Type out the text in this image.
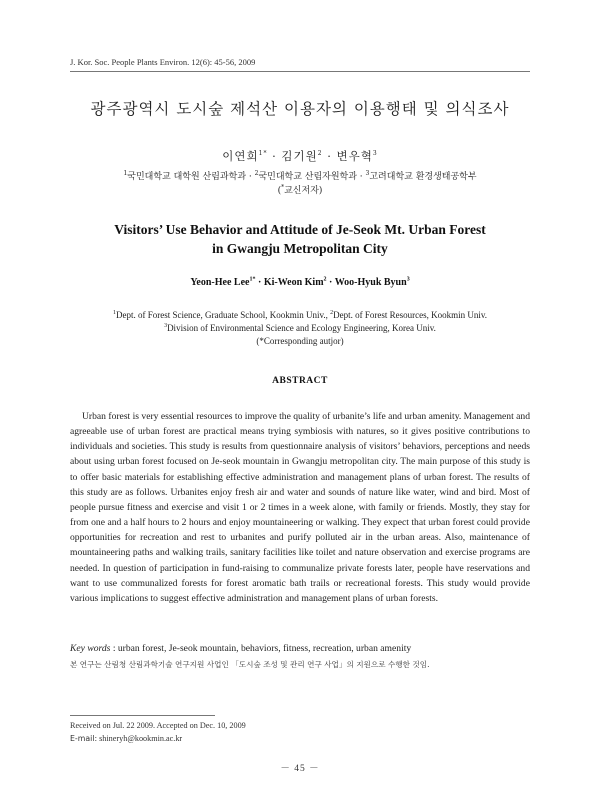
J. Kor. Soc. People Plants Environ. 12(6): 45-56, 2009
광주광역시 도시숲 제석산 이용자의 이용행태 및 의식조사
이연희$^{1*}$ · 김기원$^2$ · 변우혁$^3$
$^1$국민대학교 대학원 산림과학과 · $^2$국민대학교 산림자원학과 · $^3$고려대학교 환경생태공학부
(*교신저자)
Visitors’ Use Behavior and Attitude of Je-Seok Mt. Urban Forest
in Gwangju Metropolitan City
Yeon-Hee Lee$^{1*}$ · Ki-Weon Kim$^2$ · Woo-Hyuk Byun$^3$
$^1$Dept. of Forest Science, Graduate School, Kookmin Univ., $^2$Dept. of Forest Resources, Kookmin Univ.
$^3$Division of Environmental Science and Ecology Engineering, Korea Univ.
(*Corresponding autjor)
ABSTRACT
Urban forest is very essential resources to improve the quality of urbanite’s life and urban amenity. Management and agreeable use of urban forest are practical means trying symbiosis with natures, so it gives positive contributions to individuals and societies. This study is results from questionnaire analysis of visitors’ behaviors, perceptions and needs about using urban forest focused on Je-seok mountain in Gwangju metropolitan city. The main purpose of this study is to offer basic materials for establishing effective administration and management plans of urban forest. The results of this study are as follows. Urbanites enjoy fresh air and water and sounds of nature like water, wind and bird. Most of people pursue fitness and exercise and visit 1 or 2 times in a week alone, with family or friends. Mostly, they stay for from one and a half hours to 2 hours and enjoy mountaineering or walking. They expect that urban forest could provide opportunities for recreation and rest to urbanites and purify polluted air in the urban areas. Also, maintenance of mountaineering paths and walking trails, sanitary facilities like toilet and nature observation and exercise programs are needed. In question of participation in fund-raising to communalize private forests later, people have reservations and want to use communalized forests for forest aromatic bath trails or recreational forests. This study would provide various implications to suggest effective administration and management plans of urban forests.
Key words : urban forest, Je-seok mountain, behaviors, fitness, recreation, urban amenity
본 연구는 산림청 산림과학기술 연구지원 사업인 「도시숲 조성 및 관리 연구 사업」의 지원으로 수행한 것임.
Received on Jul. 22 2009. Accepted on Dec. 10, 2009
E-mail: shineryh@kookmin.ac.kr
－ 45 －
